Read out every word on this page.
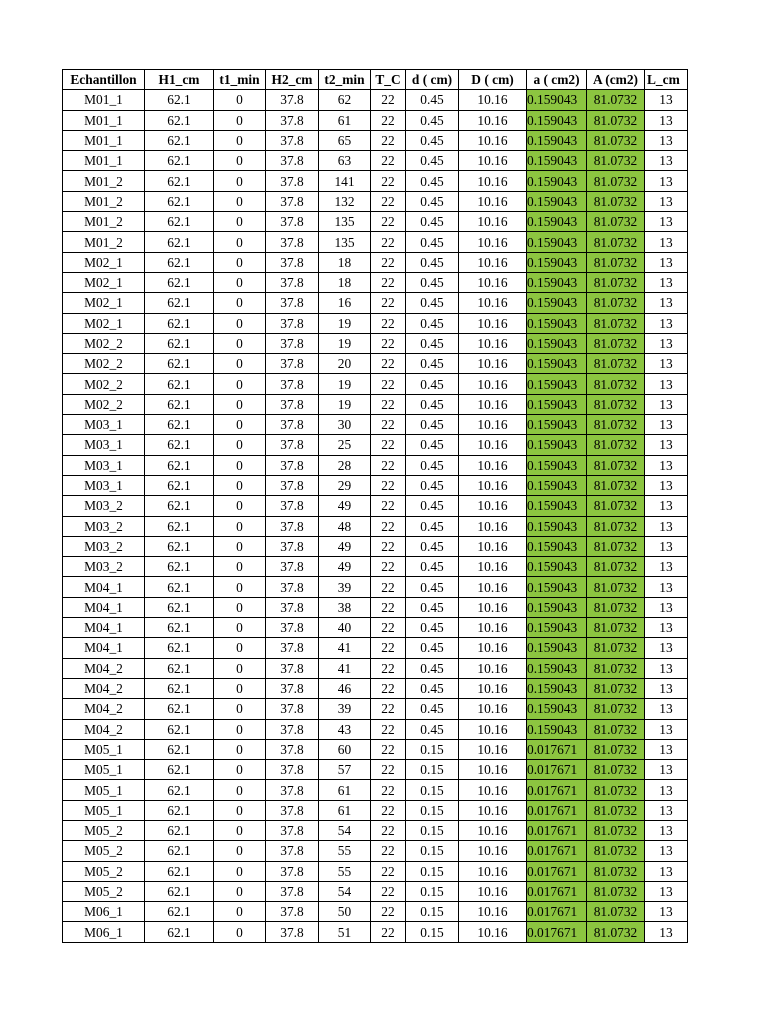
Echantillon	H1_cm	t1_min	H2_cm	t2_min	T_C	d ( cm)	D ( cm)	a ( cm2)	A (cm2)	L_cm
M01_1	62.1	0	37.8	62	22	0.45	10.16	0.159043	81.0732	13
M01_1	62.1	0	37.8	61	22	0.45	10.16	0.159043	81.0732	13
M01_1	62.1	0	37.8	65	22	0.45	10.16	0.159043	81.0732	13
M01_1	62.1	0	37.8	63	22	0.45	10.16	0.159043	81.0732	13
M01_2	62.1	0	37.8	141	22	0.45	10.16	0.159043	81.0732	13
M01_2	62.1	0	37.8	132	22	0.45	10.16	0.159043	81.0732	13
M01_2	62.1	0	37.8	135	22	0.45	10.16	0.159043	81.0732	13
M01_2	62.1	0	37.8	135	22	0.45	10.16	0.159043	81.0732	13
M02_1	62.1	0	37.8	18	22	0.45	10.16	0.159043	81.0732	13
M02_1	62.1	0	37.8	18	22	0.45	10.16	0.159043	81.0732	13
M02_1	62.1	0	37.8	16	22	0.45	10.16	0.159043	81.0732	13
M02_1	62.1	0	37.8	19	22	0.45	10.16	0.159043	81.0732	13
M02_2	62.1	0	37.8	19	22	0.45	10.16	0.159043	81.0732	13
M02_2	62.1	0	37.8	20	22	0.45	10.16	0.159043	81.0732	13
M02_2	62.1	0	37.8	19	22	0.45	10.16	0.159043	81.0732	13
M02_2	62.1	0	37.8	19	22	0.45	10.16	0.159043	81.0732	13
M03_1	62.1	0	37.8	30	22	0.45	10.16	0.159043	81.0732	13
M03_1	62.1	0	37.8	25	22	0.45	10.16	0.159043	81.0732	13
M03_1	62.1	0	37.8	28	22	0.45	10.16	0.159043	81.0732	13
M03_1	62.1	0	37.8	29	22	0.45	10.16	0.159043	81.0732	13
M03_2	62.1	0	37.8	49	22	0.45	10.16	0.159043	81.0732	13
M03_2	62.1	0	37.8	48	22	0.45	10.16	0.159043	81.0732	13
M03_2	62.1	0	37.8	49	22	0.45	10.16	0.159043	81.0732	13
M03_2	62.1	0	37.8	49	22	0.45	10.16	0.159043	81.0732	13
M04_1	62.1	0	37.8	39	22	0.45	10.16	0.159043	81.0732	13
M04_1	62.1	0	37.8	38	22	0.45	10.16	0.159043	81.0732	13
M04_1	62.1	0	37.8	40	22	0.45	10.16	0.159043	81.0732	13
M04_1	62.1	0	37.8	41	22	0.45	10.16	0.159043	81.0732	13
M04_2	62.1	0	37.8	41	22	0.45	10.16	0.159043	81.0732	13
M04_2	62.1	0	37.8	46	22	0.45	10.16	0.159043	81.0732	13
M04_2	62.1	0	37.8	39	22	0.45	10.16	0.159043	81.0732	13
M04_2	62.1	0	37.8	43	22	0.45	10.16	0.159043	81.0732	13
M05_1	62.1	0	37.8	60	22	0.15	10.16	0.017671	81.0732	13
M05_1	62.1	0	37.8	57	22	0.15	10.16	0.017671	81.0732	13
M05_1	62.1	0	37.8	61	22	0.15	10.16	0.017671	81.0732	13
M05_1	62.1	0	37.8	61	22	0.15	10.16	0.017671	81.0732	13
M05_2	62.1	0	37.8	54	22	0.15	10.16	0.017671	81.0732	13
M05_2	62.1	0	37.8	55	22	0.15	10.16	0.017671	81.0732	13
M05_2	62.1	0	37.8	55	22	0.15	10.16	0.017671	81.0732	13
M05_2	62.1	0	37.8	54	22	0.15	10.16	0.017671	81.0732	13
M06_1	62.1	0	37.8	50	22	0.15	10.16	0.017671	81.0732	13
M06_1	62.1	0	37.8	51	22	0.15	10.16	0.017671	81.0732	13
